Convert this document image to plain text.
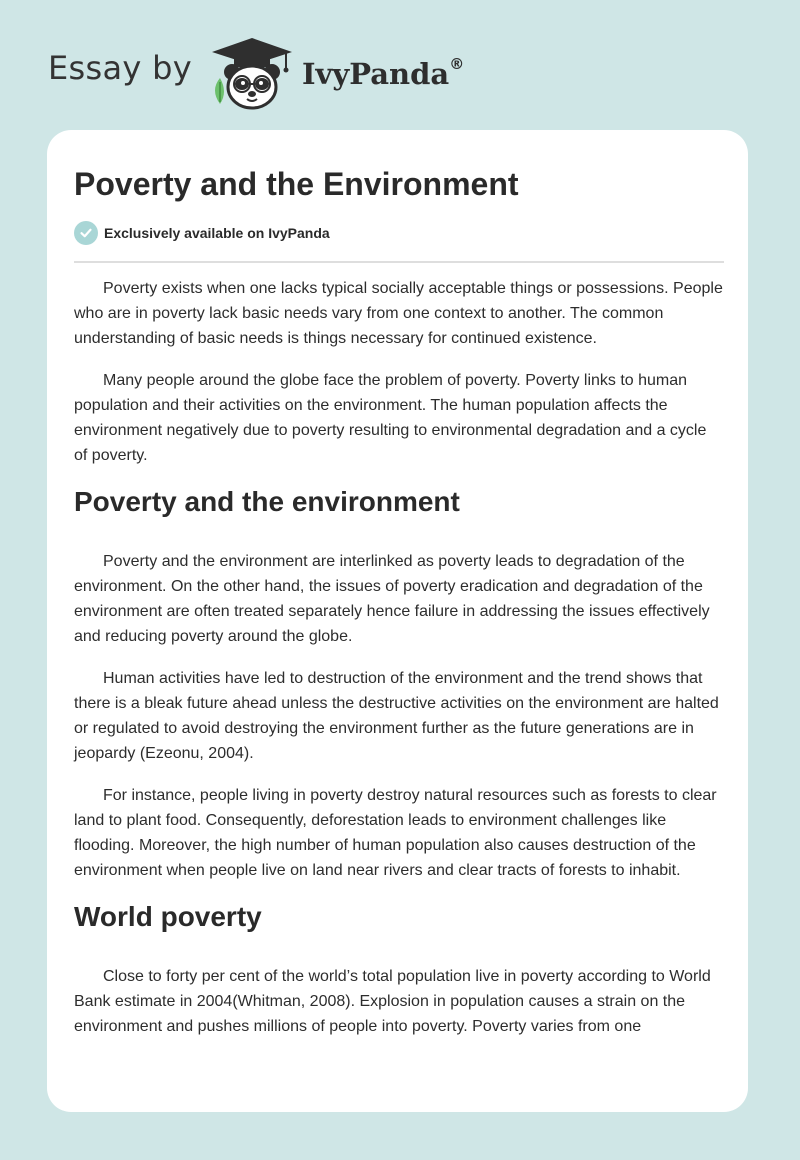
Essay by	IvyPanda®
Poverty and the Environment
Exclusively available on IvyPanda

Poverty exists when one lacks typical socially acceptable things or possessions. People who are in poverty lack basic needs vary from one context to another. The common understanding of basic needs is things necessary for continued existence.

Many people around the globe face the problem of poverty. Poverty links to human population and their activities on the environment. The human population affects the environment negatively due to poverty resulting to environmental degradation and a cycle of poverty.

Poverty and the environment

Poverty and the environment are interlinked as poverty leads to degradation of the environment. On the other hand, the issues of poverty eradication and degradation of the environment are often treated separately hence failure in addressing the issues effectively and reducing poverty around the globe.

Human activities have led to destruction of the environment and the trend shows that there is a bleak future ahead unless the destructive activities on the environment are halted or regulated to avoid destroying the environment further as the future generations are in jeopardy (Ezeonu, 2004).

For instance, people living in poverty destroy natural resources such as forests to clear land to plant food. Consequently, deforestation leads to environment challenges like flooding. Moreover, the high number of human population also causes destruction of the environment when people live on land near rivers and clear tracts of forests to inhabit.

World poverty

Close to forty per cent of the world’s total population live in poverty according to World Bank estimate in 2004(Whitman, 2008). Explosion in population causes a strain on the environment and pushes millions of people into poverty. Poverty varies from one
